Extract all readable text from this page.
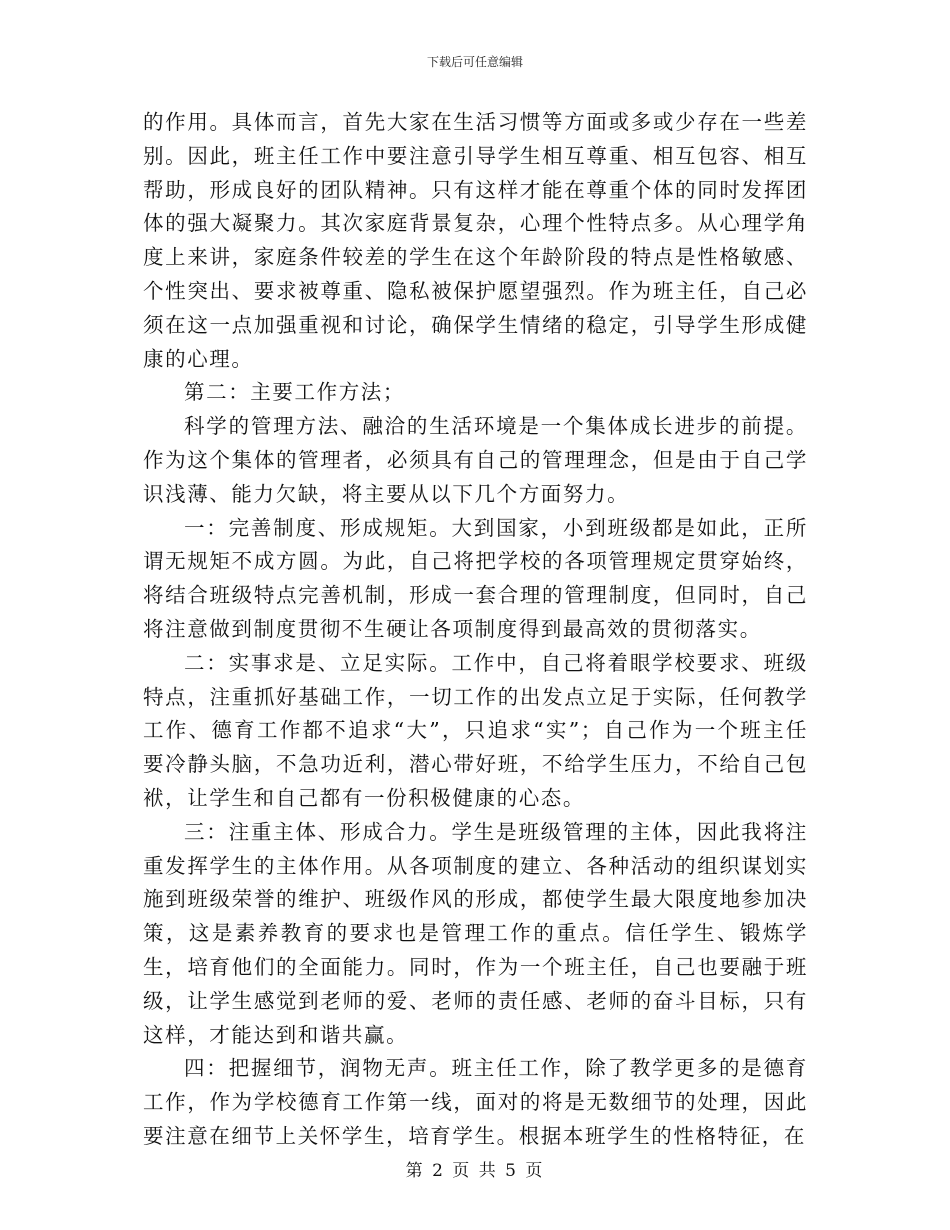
下载后可任意编辑

的作用。具体而言，首先大家在生活习惯等方面或多或少存在一些差别。因此，班主任工作中要注意引导学生相互尊重、相互包容、相互帮助，形成良好的团队精神。只有这样才能在尊重个体的同时发挥团体的强大凝聚力。其次家庭背景复杂，心理个性特点多。从心理学角度上来讲，家庭条件较差的学生在这个年龄阶段的特点是性格敏感、个性突出、要求被尊重、隐私被保护愿望强烈。作为班主任，自己必须在这一点加强重视和讨论，确保学生情绪的稳定，引导学生形成健康的心理。

第二：主要工作方法；

科学的管理方法、融洽的生活环境是一个集体成长进步的前提。作为这个集体的管理者，必须具有自己的管理理念，但是由于自己学识浅薄、能力欠缺，将主要从以下几个方面努力。

一：完善制度、形成规矩。大到国家，小到班级都是如此，正所谓无规矩不成方圆。为此，自己将把学校的各项管理规定贯穿始终，将结合班级特点完善机制，形成一套合理的管理制度，但同时，自己将注意做到制度贯彻不生硬让各项制度得到最高效的贯彻落实。

二：实事求是、立足实际。工作中，自己将着眼学校要求、班级特点，注重抓好基础工作，一切工作的出发点立足于实际，任何教学工作、德育工作都不追求“大”，只追求“实”；自己作为一个班主任要冷静头脑，不急功近利，潜心带好班，不给学生压力，不给自己包袱，让学生和自己都有一份积极健康的心态。

三：注重主体、形成合力。学生是班级管理的主体，因此我将注重发挥学生的主体作用。从各项制度的建立、各种活动的组织谋划实施到班级荣誉的维护、班级作风的形成，都使学生最大限度地参加决策，这是素养教育的要求也是管理工作的重点。信任学生、锻炼学生，培育他们的全面能力。同时，作为一个班主任，自己也要融于班级，让学生感觉到老师的爱、老师的责任感、老师的奋斗目标，只有这样，才能达到和谐共赢。

四：把握细节，润物无声。班主任工作，除了教学更多的是德育工作，作为学校德育工作第一线，面对的将是无数细节的处理，因此要注意在细节上关怀学生，培育学生。根据本班学生的性格特征，在

第 2 页 共 5 页
